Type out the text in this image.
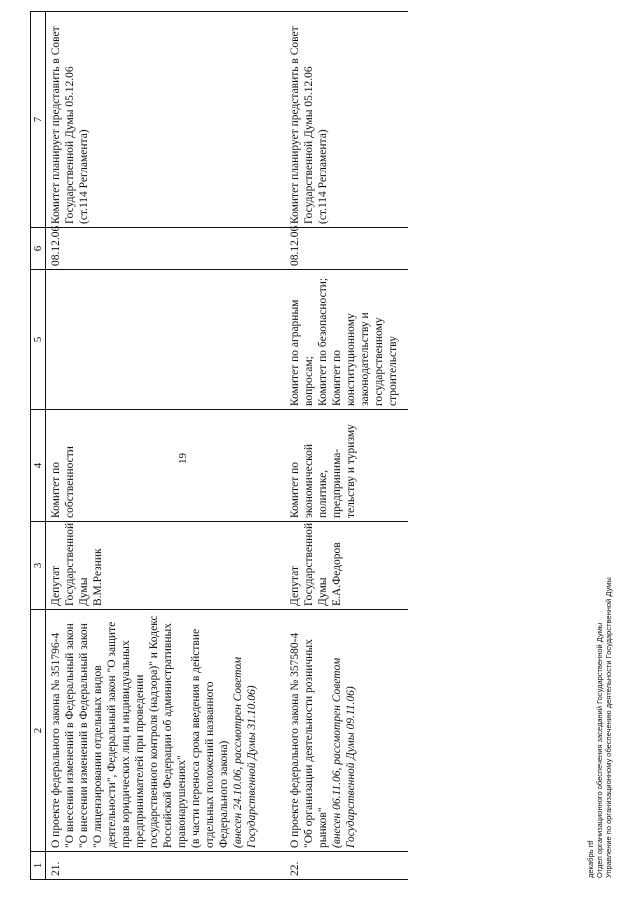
19
1	2	3	4	5	6	7

21.	О проекте федерального закона № 351796-4
"О внесении изменений в Федеральный закон "О внесении изменений в Федеральный закон "О лицензировании отдельных видов деятельности", Федеральный закон "О защите прав юридических лиц и индивидуальных предпринимателей при проведении государственного контроля (надзора)" и Кодекс Российской Федерации об административных правонарушениях"
(в части переноса срока введения в действие отдельных положений названного Федерального закона) (внесен 24.10.06, рассмотрен Советом Государственной Думы 31.10.06)	Депутат Государственной Думы В.М.Резник	Комитет по собственности		08.12.06	Комитет планирует представить в Совет Государственной Думы 05.12.06
(ст.114 Регламента)

22.	О проекте федерального закона № 357580-4
"Об организации деятельности розничных рынков" (внесен 06.11.06, рассмотрен Советом Государственной Думы 09.11.06)	Депутат Государственной Думы Е.А.Федоров	Комитет по экономической политике, предпринима-тельству и туризму	Комитет по аграрным вопросам;
Комитет по безопасности;
Комитет по конституционному законодательству и государственному строительству	08.12.06	Комитет планирует представить в Совет Государственной Думы 05.12.06
(ст.114 Регламента)
декабрь rtf Отдел организационного обеспечения заседаний Государственной Думы Управление по организационному обеспечению деятельности Государственной Думы
